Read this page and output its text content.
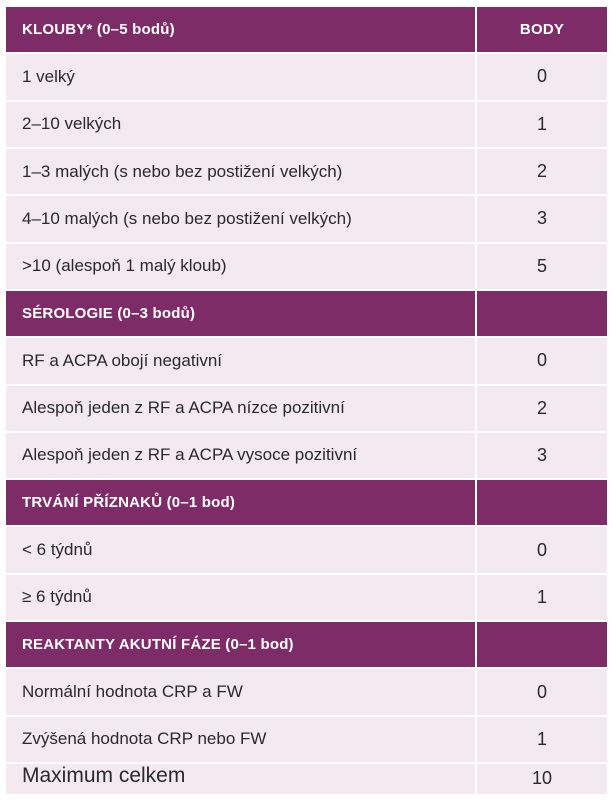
KLOUBY* (0–5 bodů)	BODY
1 velký	0
2–10 velkých	1
1–3 malých (s nebo bez postižení velkých)	2
4–10 malých (s nebo bez postižení velkých)	3
>10 (alespoň 1 malý kloub)	5
SÉROLOGIE (0–3 bodů)
RF a ACPA obojí negativní	0
Alespoň jeden z RF a ACPA nízce pozitivní	2
Alespoň jeden z RF a ACPA vysoce pozitivní	3
TRVÁNÍ PŘÍZNAKŮ (0–1 bod)
< 6 týdnů	0
≥ 6 týdnů	1
REAKTANTY AKUTNÍ FÁZE (0–1 bod)
Normální hodnota CRP a FW	0
Zvýšená hodnota CRP nebo FW	1
Maximum celkem	10
